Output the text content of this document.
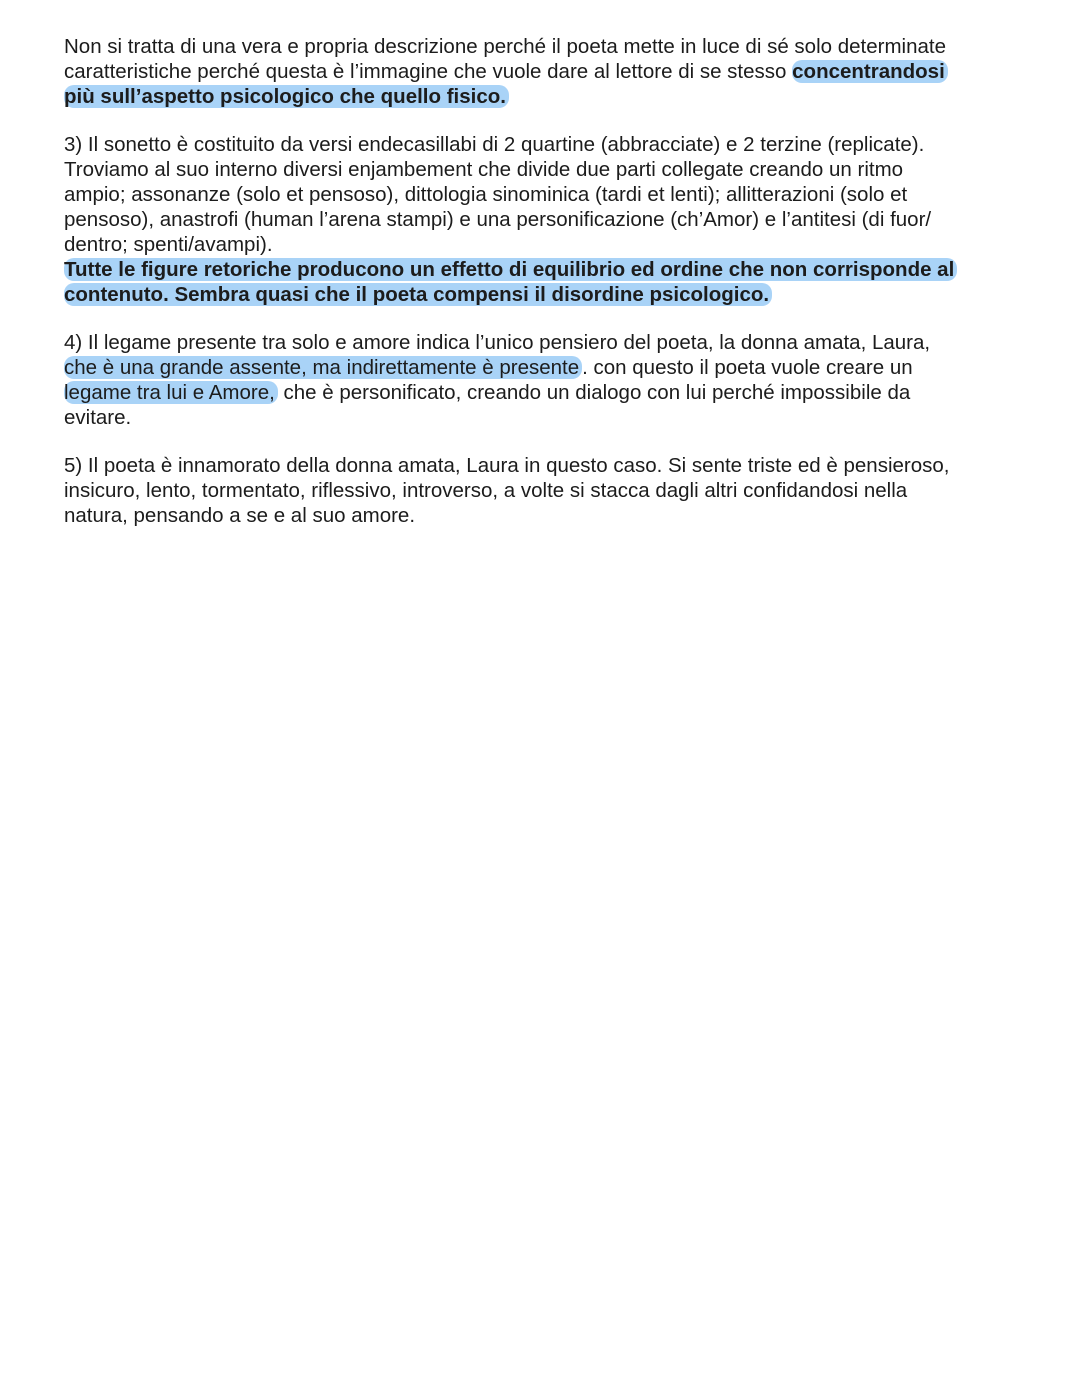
Non si tratta di una vera e propria descrizione perché il poeta mette in luce di sé solo determinate
caratteristiche perché questa è l’immagine che vuole dare al lettore di se stesso concentrandosi
più sull’aspetto psicologico che quello fisico.

3) Il sonetto è costituito da versi endecasillabi di 2 quartine (abbracciate) e 2 terzine (replicate).
Troviamo al suo interno diversi enjambement che divide due parti collegate creando un ritmo
ampio; assonanze (solo et pensoso), dittologia sinominica (tardi et lenti); allitterazioni (solo et
pensoso), anastrofi (human l’arena stampi) e una personificazione (ch’Amor) e l’antitesi (di fuor/
dentro; spenti/avampi).
Tutte le figure retoriche producono un effetto di equilibrio ed ordine che non corrisponde al
contenuto. Sembra quasi che il poeta compensi il disordine psicologico.

4) Il legame presente tra solo e amore indica l’unico pensiero del poeta, la donna amata, Laura,
che è una grande assente, ma indirettamente è presente . con questo il poeta vuole creare un
legame tra lui e Amore, che è personificato, creando un dialogo con lui perché impossibile da
evitare.

5) Il poeta è innamorato della donna amata, Laura in questo caso. Si sente triste ed è pensieroso,
insicuro, lento, tormentato, riflessivo, introverso, a volte si stacca dagli altri confidandosi nella
natura, pensando a se e al suo amore.
